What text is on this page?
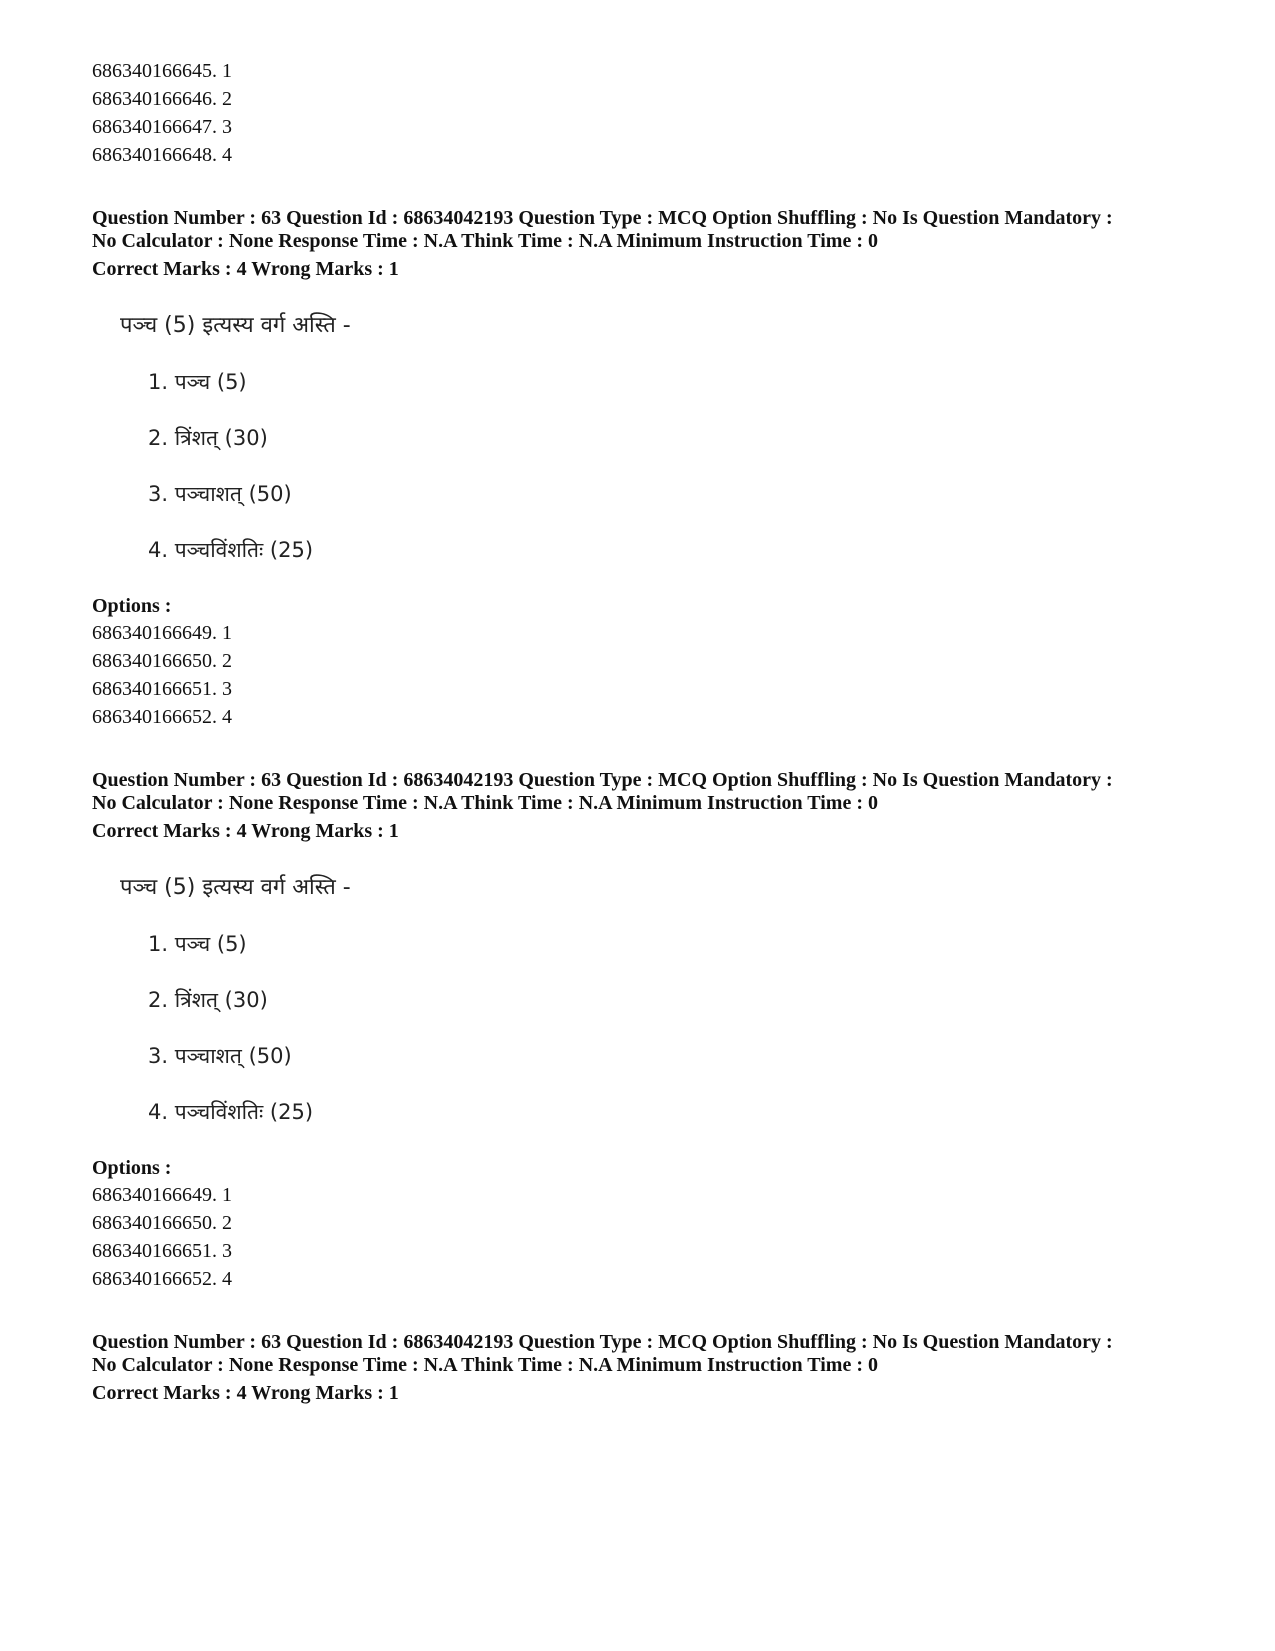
686340166645. 1
686340166646. 2
686340166647. 3
686340166648. 4
Question Number : 63 Question Id : 68634042193 Question Type : MCQ Option Shuffling : No Is Question Mandatory :
No Calculator : None Response Time : N.A Think Time : N.A Minimum Instruction Time : 0
Correct Marks : 4 Wrong Marks : 1
पञ्च (5) इत्यस्य वर्ग अस्ति -
1. पञ्च (5)
2. त्रिंशत् (30)
3. पञ्चाशत् (50)
4. पञ्चविंशतिः (25)
Options :
686340166649. 1
686340166650. 2
686340166651. 3
686340166652. 4
Question Number : 63 Question Id : 68634042193 Question Type : MCQ Option Shuffling : No Is Question Mandatory :
No Calculator : None Response Time : N.A Think Time : N.A Minimum Instruction Time : 0
Correct Marks : 4 Wrong Marks : 1
पञ्च (5) इत्यस्य वर्ग अस्ति -
1. पञ्च (5)
2. त्रिंशत् (30)
3. पञ्चाशत् (50)
4. पञ्चविंशतिः (25)
Options :
686340166649. 1
686340166650. 2
686340166651. 3
686340166652. 4
Question Number : 63 Question Id : 68634042193 Question Type : MCQ Option Shuffling : No Is Question Mandatory :
No Calculator : None Response Time : N.A Think Time : N.A Minimum Instruction Time : 0
Correct Marks : 4 Wrong Marks : 1
